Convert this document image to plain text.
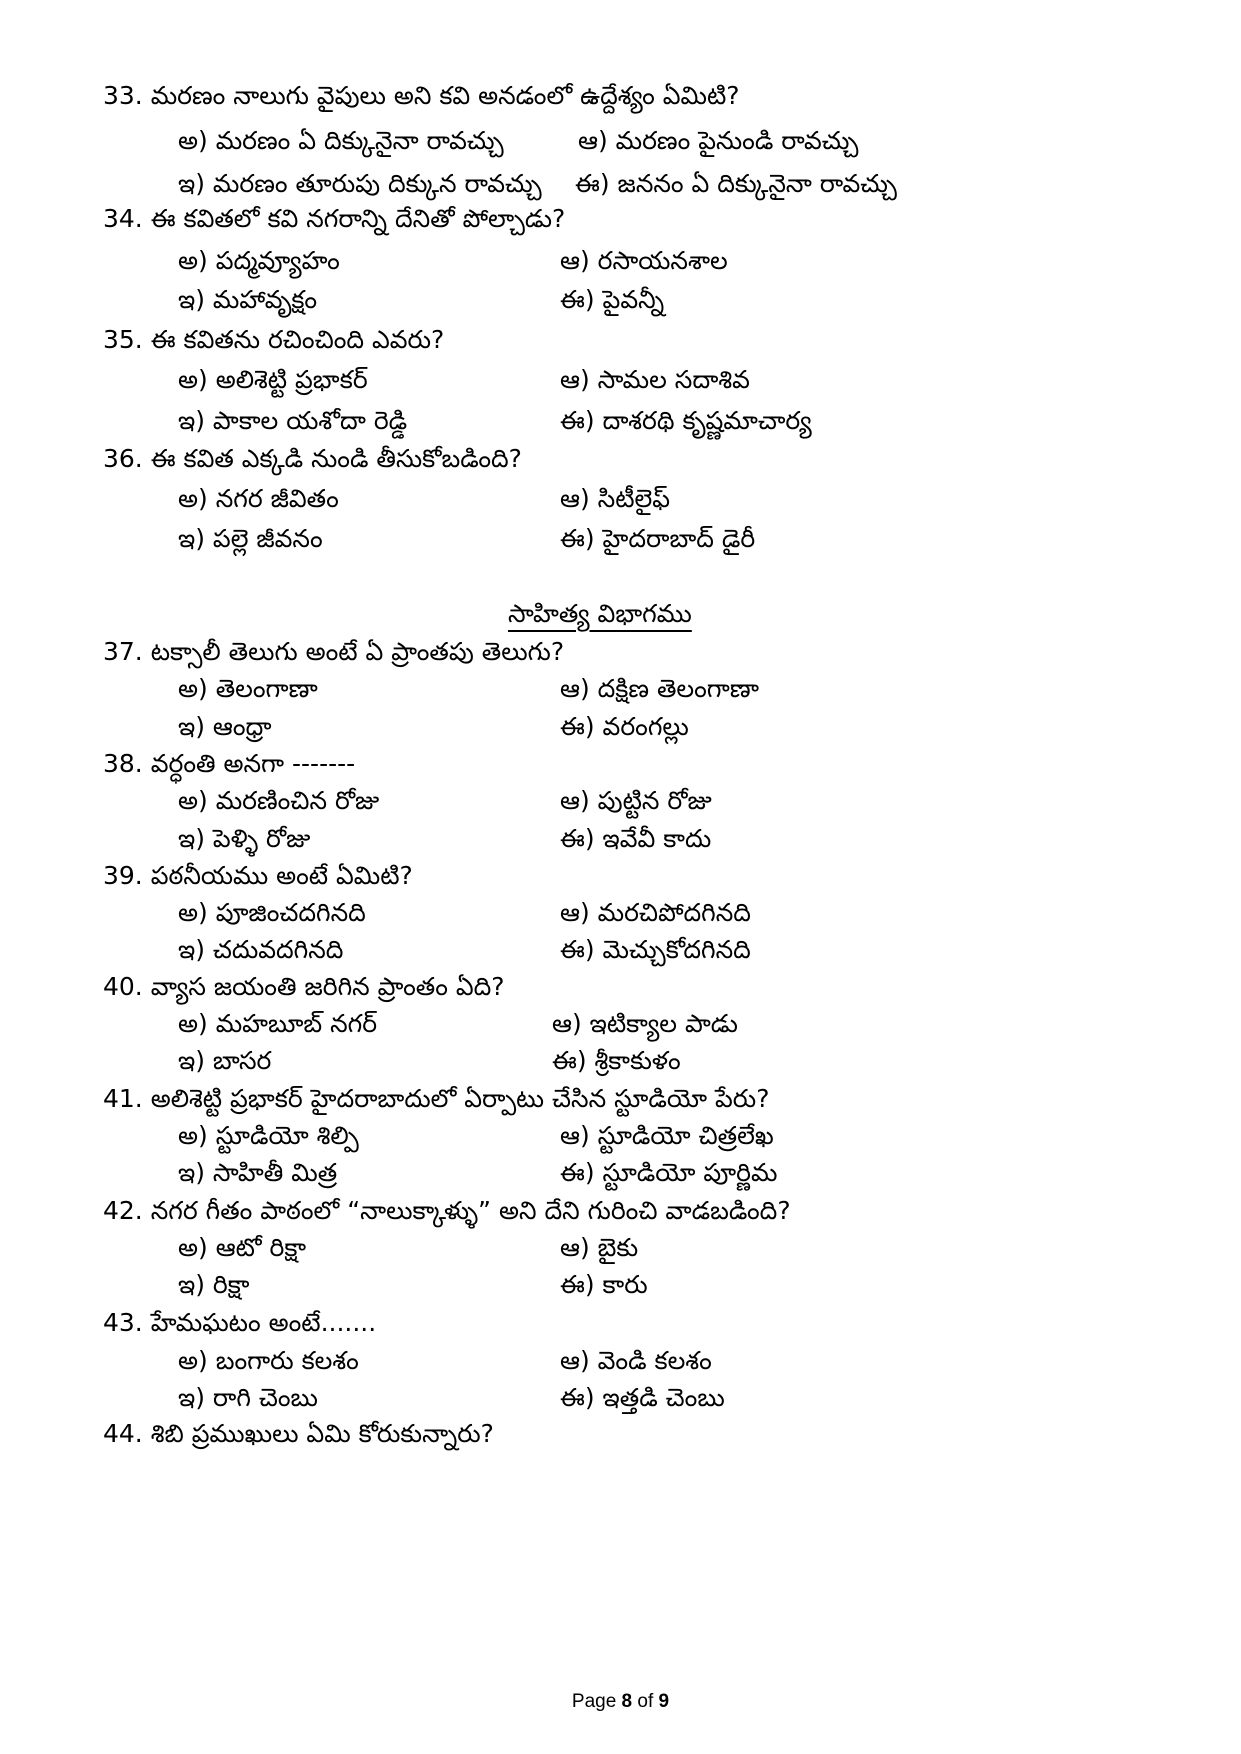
33. మరణం నాలుగు వైపులు అని కవి అనడంలో ఉద్దేశ్యం ఏమిటి?
అ) మరణం ఏ దిక్కునైనా రావచ్చు	ఆ) మరణం పైనుండి రావచ్చు
ఇ) మరణం తూరుపు దిక్కున రావచ్చు ఈ) జననం ఏ దిక్కునైనా రావచ్చు
34. ఈ కవితలో కవి నగరాన్ని దేనితో పోల్చాడు?
అ) పద్మవ్యూహం	ఆ) రసాయనశాల
ఇ) మహావృక్షం	ఈ) పైవన్నీ
35. ఈ కవితను రచించింది ఎవరు?
అ) అలిశెట్టి ప్రభాకర్	ఆ) సామల సదాశివ
ఇ) పాకాల యశోదా రెడ్డి	ఈ) దాశరథి కృష్ణమాచార్య
36. ఈ కవిత ఎక్కడి నుండి తీసుకోబడింది?
అ) నగర జీవితం	ఆ) సిటీలైఫ్
ఇ) పల్లె జీవనం	ఈ) హైదరాబాద్ డైరీ
సాహిత్య విభాగము
37. టక్సాలీ తెలుగు అంటే ఏ ప్రాంతపు తెలుగు?
అ) తెలంగాణా	ఆ) దక్షిణ తెలంగాణా
ఇ) ఆంధ్రా	ఈ) వరంగల్లు
38. వర్ధంతి అనగా -------
అ) మరణించిన రోజు	ఆ) పుట్టిన రోజు
ఇ) పెళ్ళి రోజు	ఈ) ఇవేవీ కాదు
39. పఠనీయము అంటే ఏమిటి?
అ) పూజించదగినది	ఆ) మరచిపోదగినది
ఇ) చదువదగినది	ఈ) మెచ్చుకోదగినది
40. వ్యాస జయంతి జరిగిన ప్రాంతం ఏది?
అ) మహబూబ్ నగర్	ఆ) ఇటిక్యాల పాడు
ఇ) బాసర	ఈ) శ్రీకాకుళం
41. అలిశెట్టి ప్రభాకర్ హైదరాబాదులో ఏర్పాటు చేసిన స్టూడియో పేరు?
అ) స్టూడియో శిల్పి	ఆ) స్టూడియో చిత్రలేఖ
ఇ) సాహితీ మిత్ర	ఈ) స్టూడియో పూర్ణిమ
42. నగర గీతం పాఠంలో “నాలుక్కాళ్ళు” అని దేని గురించి వాడబడింది?
అ) ఆటో రిక్షా	ఆ) బైకు
ఇ) రిక్షా	ఈ) కారు
43. హేమఘటం అంటే.......
అ) బంగారు కలశం	ఆ) వెండి కలశం
ఇ) రాగి చెంబు	ఈ) ఇత్తడి చెంబు
44. శిబి ప్రముఖులు ఏమి కోరుకున్నారు?
Page 8 of 9
